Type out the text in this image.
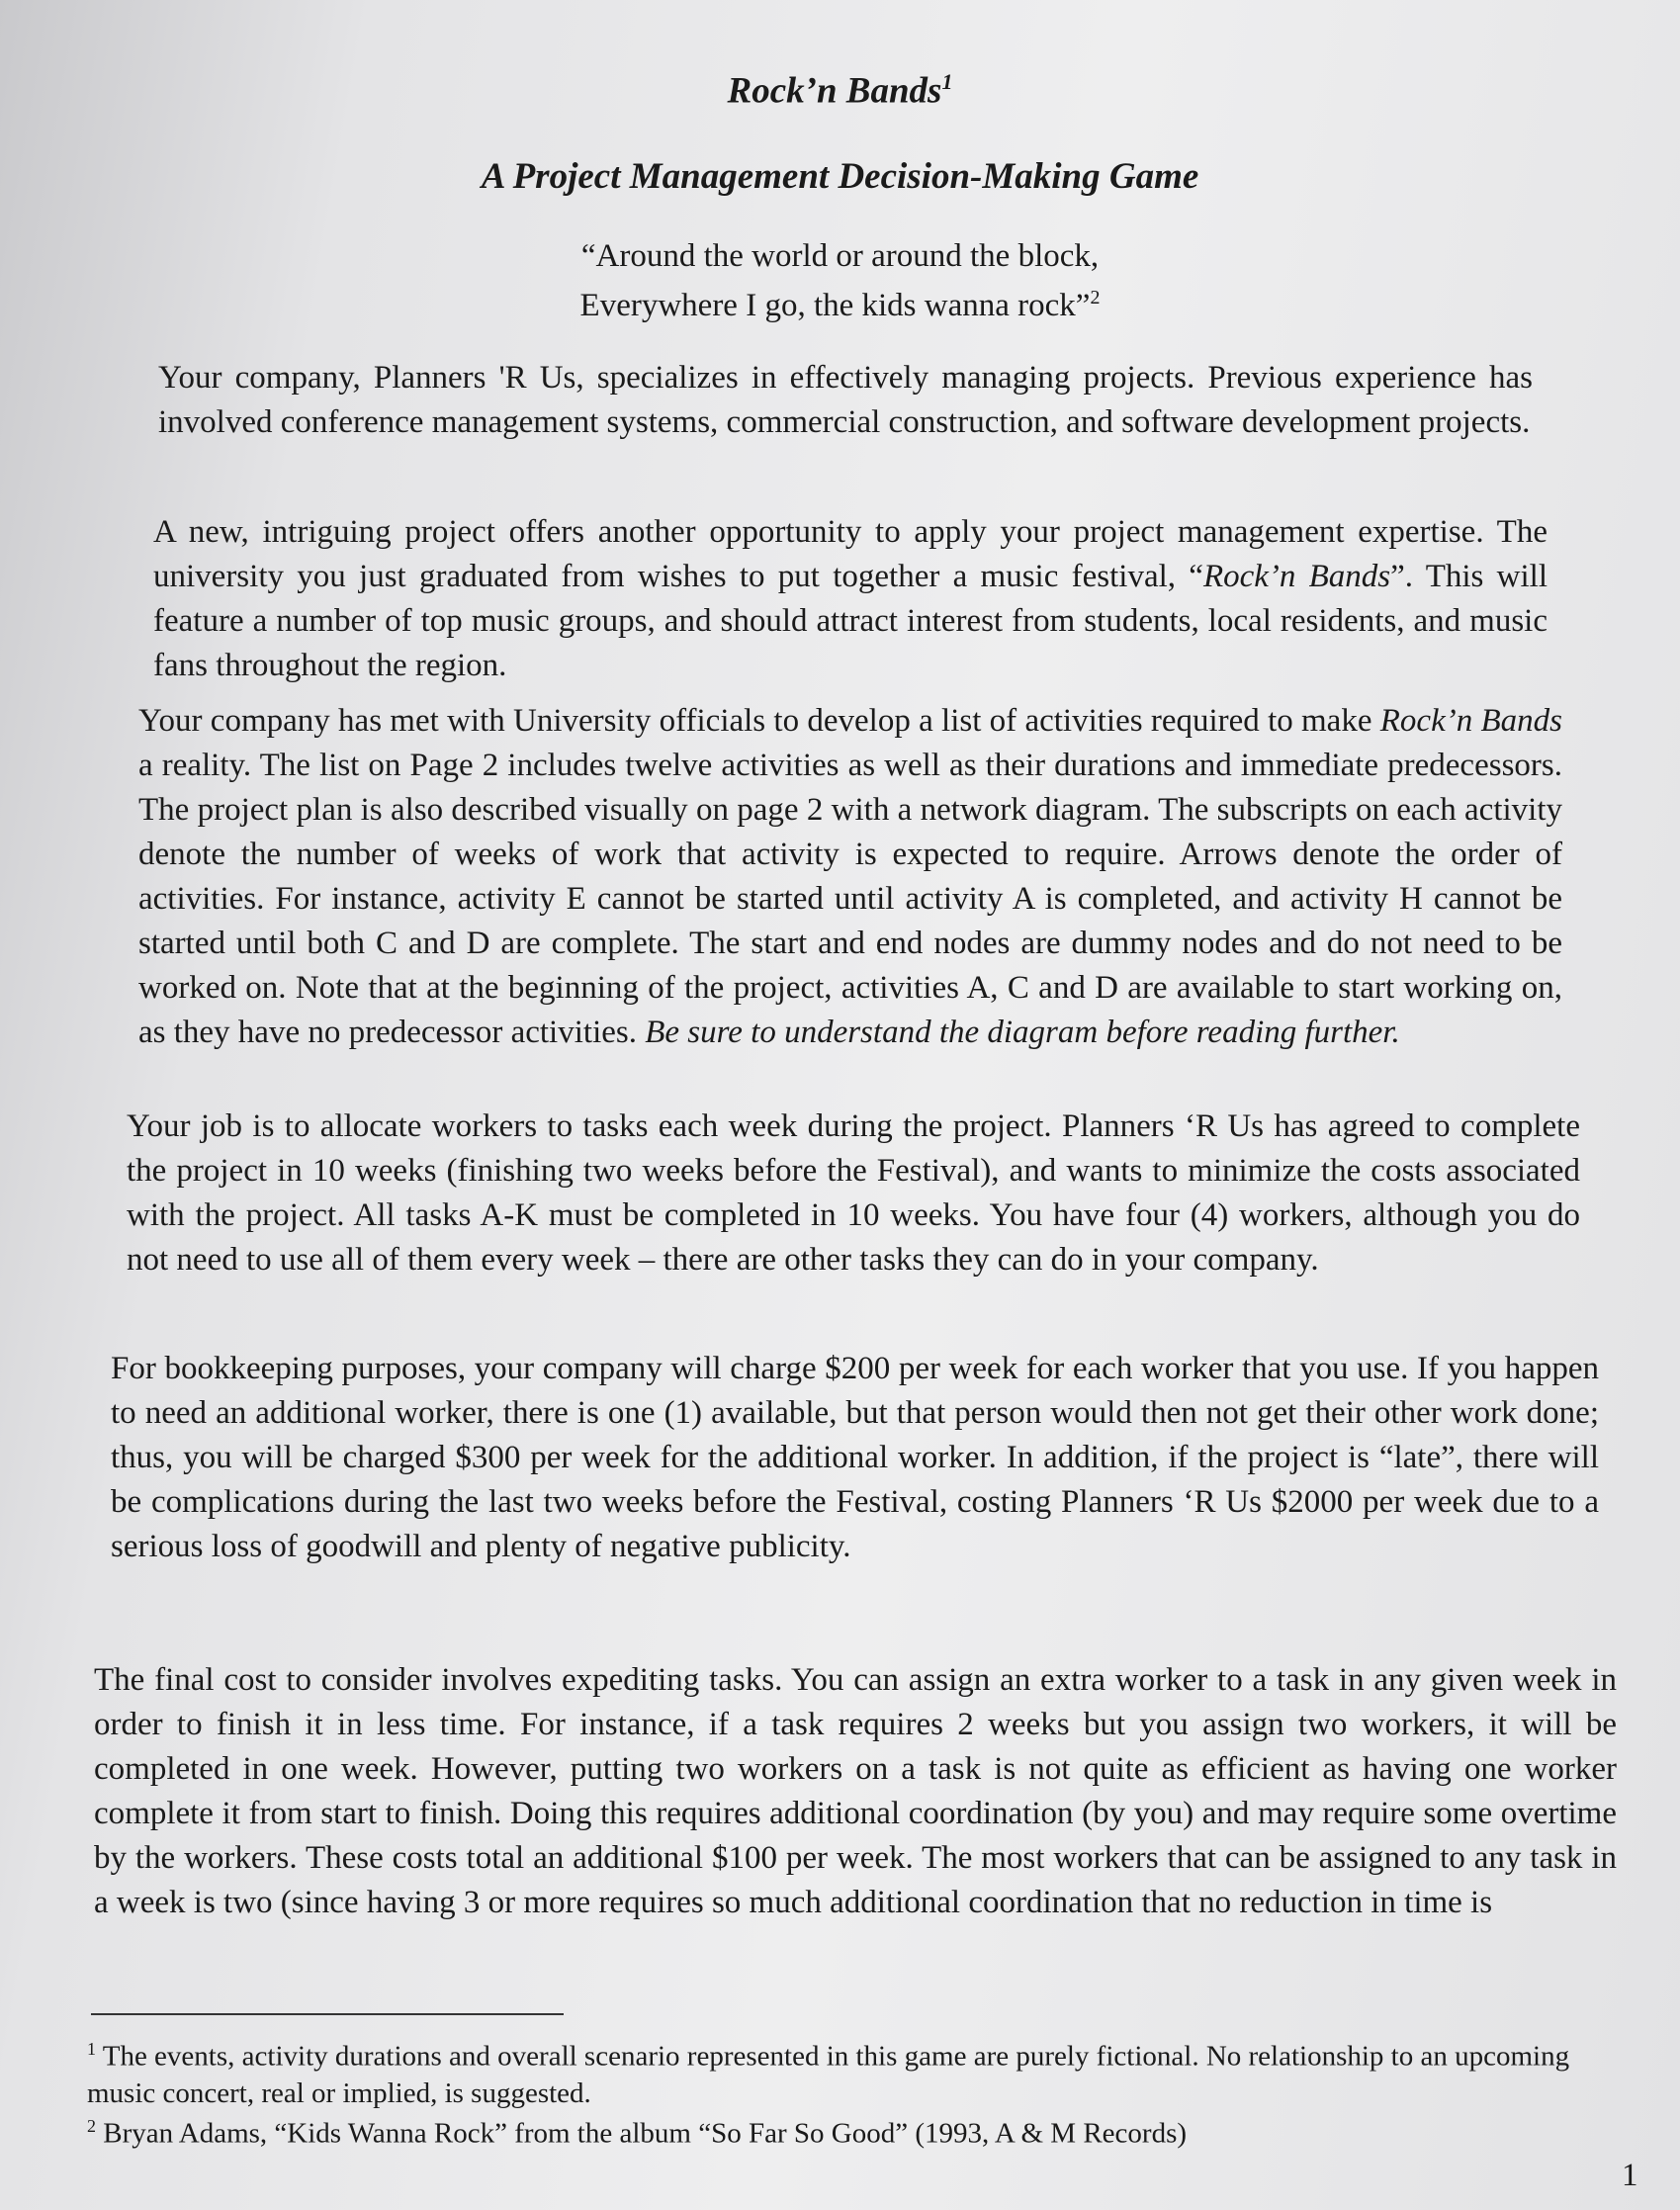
Rock’n Bands$^1$
A Project Management Decision-Making Game
“Around the world or around the block,
Everywhere I go, the kids wanna rock”$^2$

Your company, Planners 'R Us, specializes in effectively managing projects. Previous experience has involved conference management systems, commercial construction, and software development projects.

A new, intriguing project offers another opportunity to apply your project management expertise. The university you just graduated from wishes to put together a music festival, “Rock’n Bands”. This will feature a number of top music groups, and should attract interest from students, local residents, and music fans throughout the region.

Your company has met with University officials to develop a list of activities required to make Rock’n Bands a reality. The list on Page 2 includes twelve activities as well as their durations and immediate predecessors. The project plan is also described visually on page 2 with a network diagram. The subscripts on each activity denote the number of weeks of work that activity is expected to require. Arrows denote the order of activities. For instance, activity E cannot be started until activity A is completed, and activity H cannot be started until both C and D are complete. The start and end nodes are dummy nodes and do not need to be worked on. Note that at the beginning of the project, activities A, C and D are available to start working on, as they have no predecessor activities. Be sure to understand the diagram before reading further.

Your job is to allocate workers to tasks each week during the project. Planners ‘R Us has agreed to complete the project in 10 weeks (finishing two weeks before the Festival), and wants to minimize the costs associated with the project. All tasks A-K must be completed in 10 weeks. You have four (4) workers, although you do not need to use all of them every week – there are other tasks they can do in your company.

For bookkeeping purposes, your company will charge $200 per week for each worker that you use. If you happen to need an additional worker, there is one (1) available, but that person would then not get their other work done; thus, you will be charged $300 per week for the additional worker. In addition, if the project is “late”, there will be complications during the last two weeks before the Festival, costing Planners ‘R Us $2000 per week due to a serious loss of goodwill and plenty of negative publicity.

The final cost to consider involves expediting tasks. You can assign an extra worker to a task in any given week in order to finish it in less time. For instance, if a task requires 2 weeks but you assign two workers, it will be completed in one week. However, putting two workers on a task is not quite as efficient as having one worker complete it from start to finish. Doing this requires additional coordination (by you) and may require some overtime by the workers. These costs total an additional $100 per week. The most workers that can be assigned to any task in a week is two (since having 3 or more requires so much additional coordination that no reduction in time is

$^1$ The events, activity durations and overall scenario represented in this game are purely fictional. No relationship to an upcoming music concert, real or implied, is suggested.

$^2$ Bryan Adams, “Kids Wanna Rock” from the album “So Far So Good” (1993, A & M Records)

1
